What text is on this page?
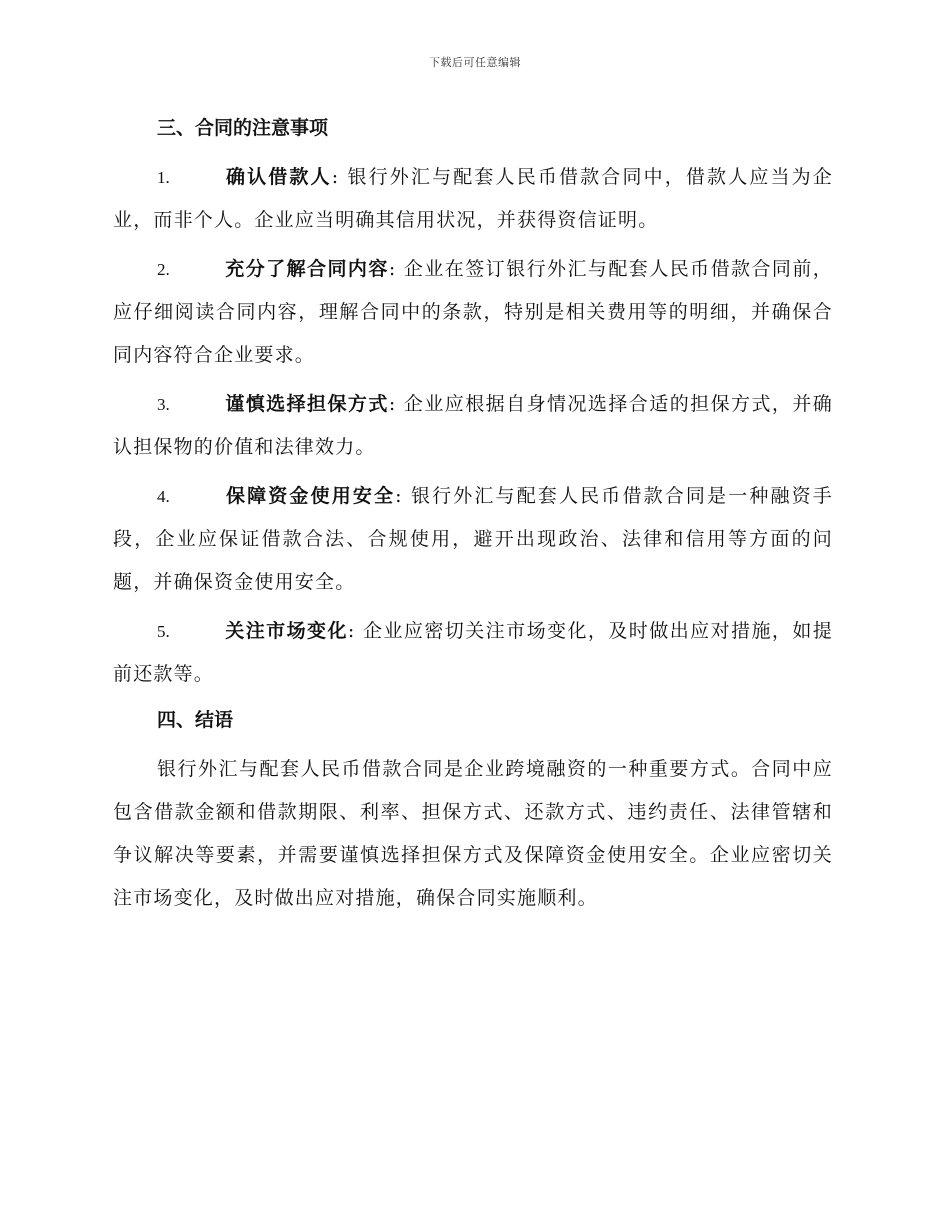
下载后可任意编辑
三、合同的注意事项

1.	确认借款人: 银行外汇与配套人民币借款合同中，借款人应当为企业，而非个人。企业应当明确其信用状况，并获得资信证明。

2.	充分了解合同内容: 企业在签订银行外汇与配套人民币借款合同前，应仔细阅读合同内容，理解合同中的条款，特别是相关费用等的明细，并确保合同内容符合企业要求。

3.	谨慎选择担保方式: 企业应根据自身情况选择合适的担保方式，并确认担保物的价值和法律效力。

4.	保障资金使用安全: 银行外汇与配套人民币借款合同是一种融资手段，企业应保证借款合法、合规使用，避开出现政治、法律和信用等方面的问题，并确保资金使用安全。

5.	关注市场变化: 企业应密切关注市场变化，及时做出应对措施，如提前还款等。

四、结语

银行外汇与配套人民币借款合同是企业跨境融资的一种重要方式。合同中应包含借款金额和借款期限、利率、担保方式、还款方式、违约责任、法律管辖和争议解决等要素，并需要谨慎选择担保方式及保障资金使用安全。企业应密切关注市场变化，及时做出应对措施，确保合同实施顺利。
